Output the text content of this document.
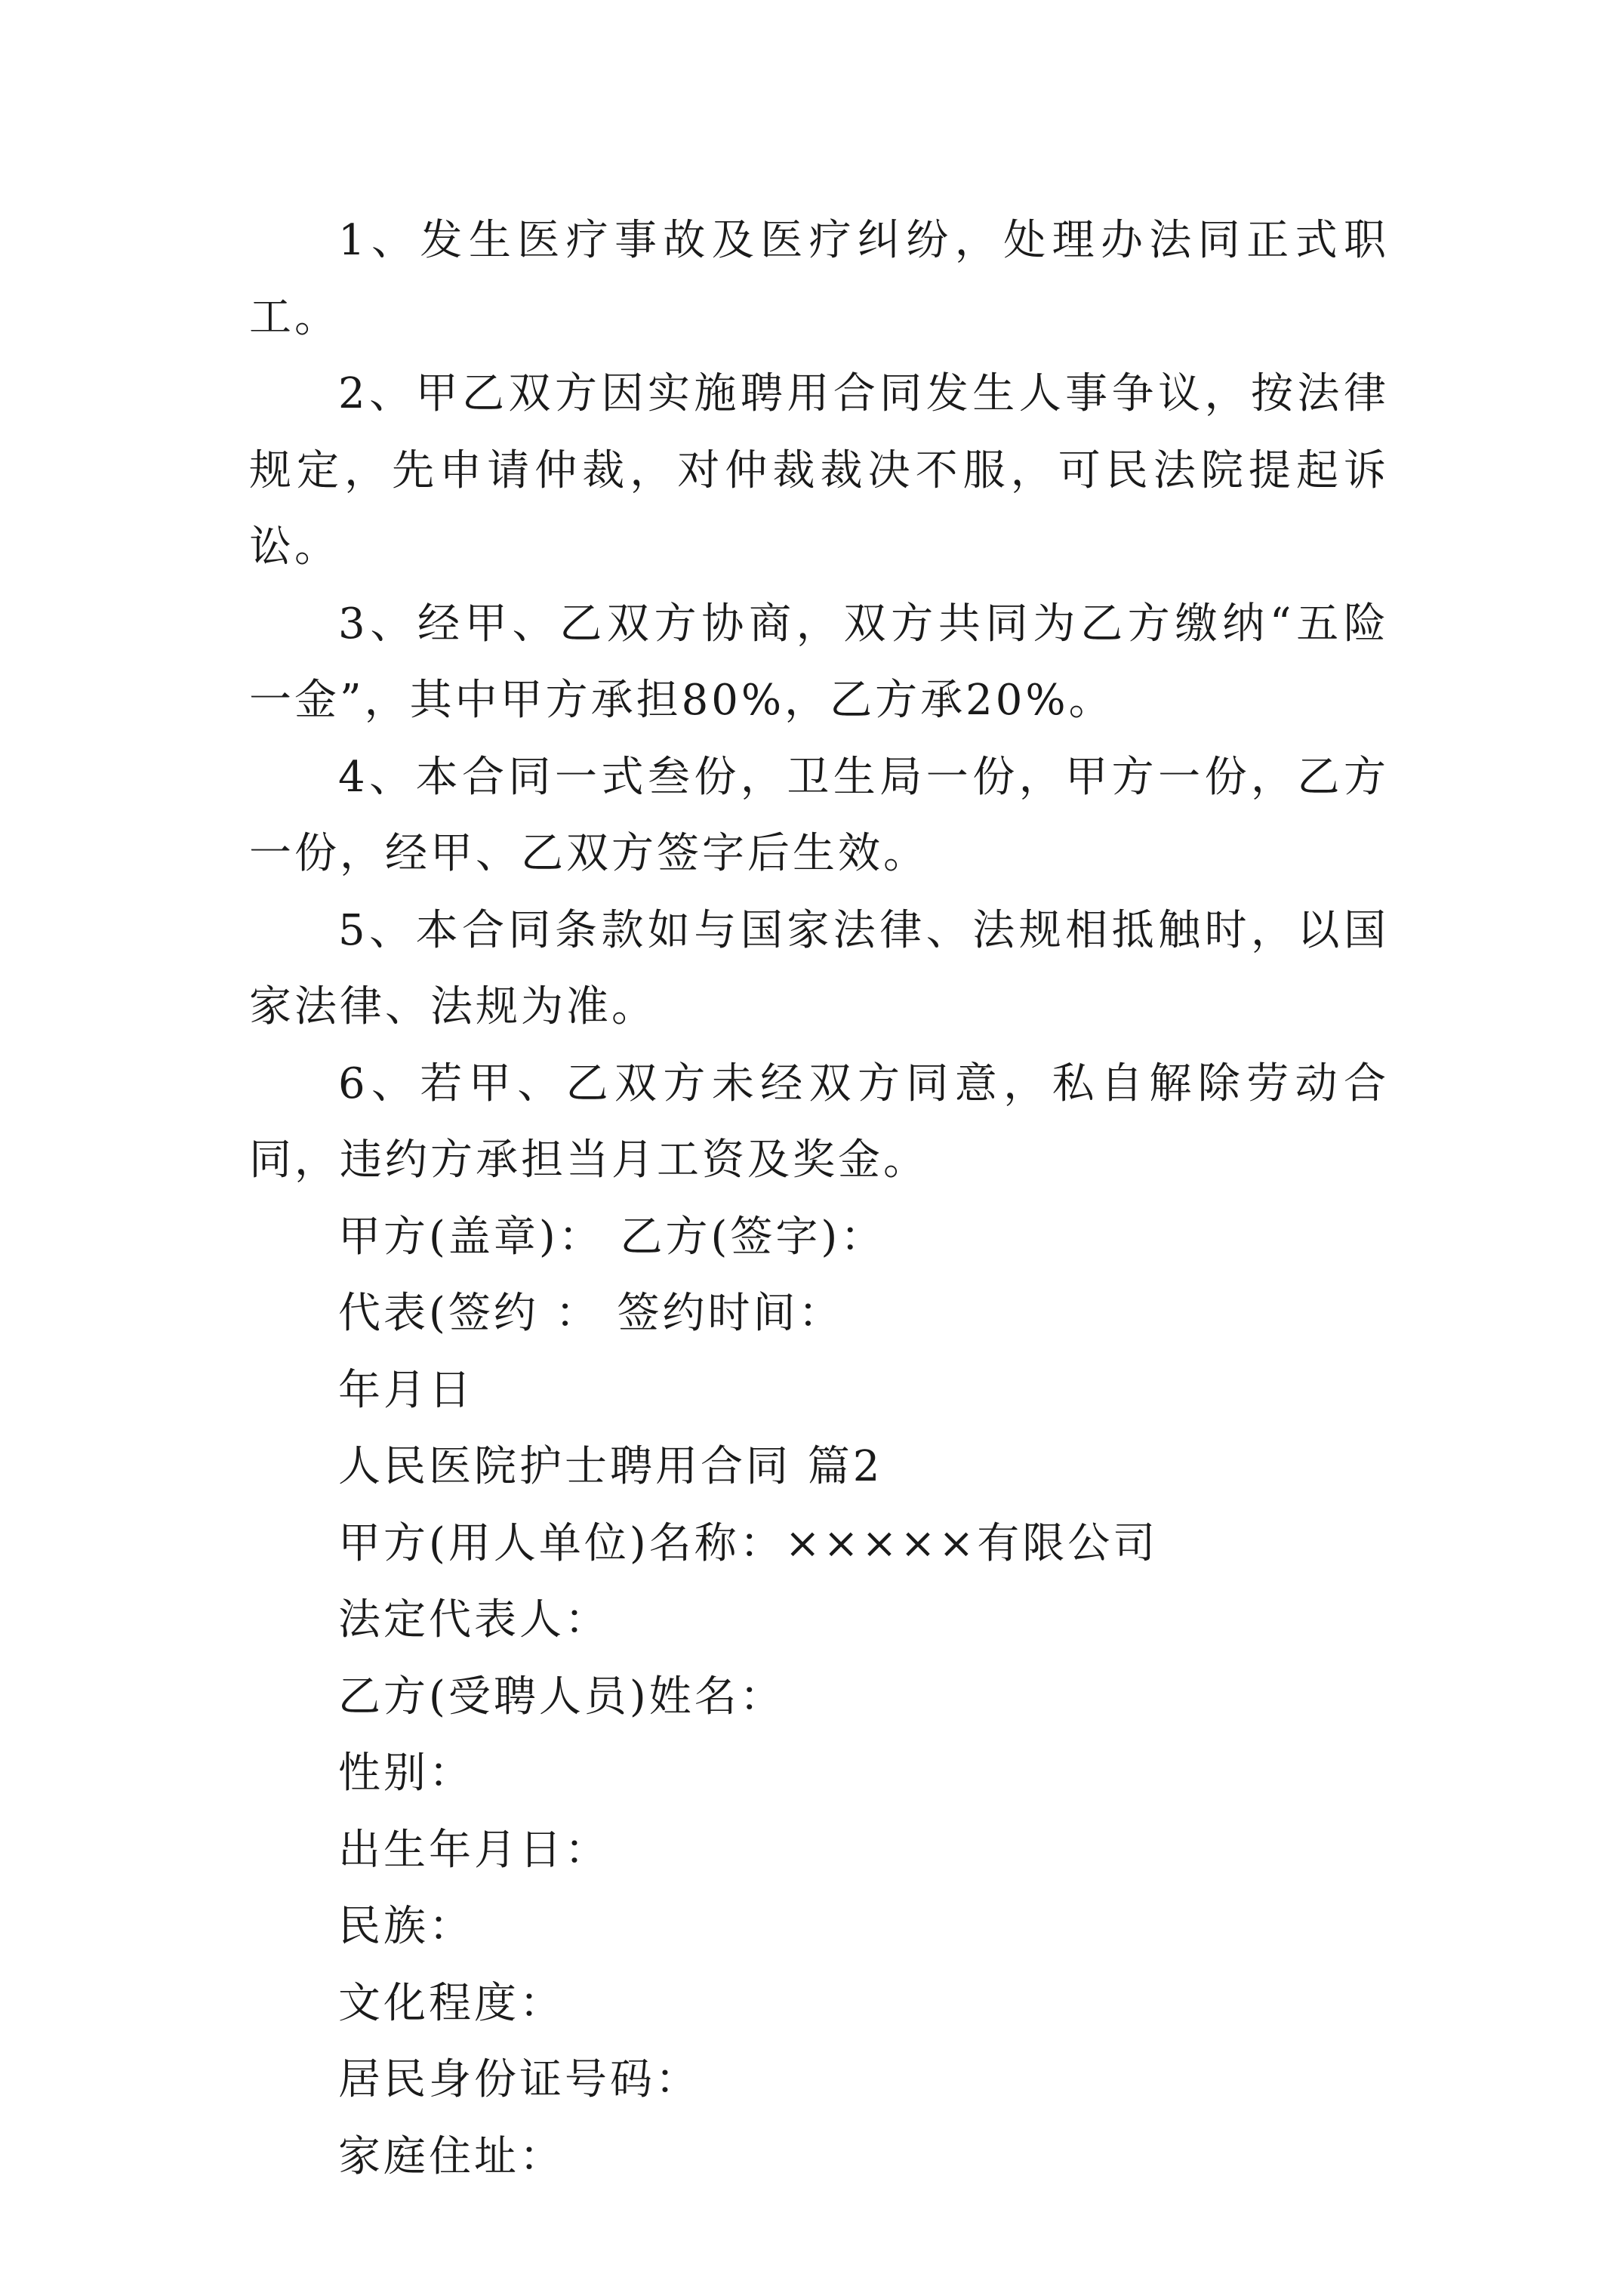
1、发生医疗事故及医疗纠纷，处理办法同正式职工。

2、甲乙双方因实施聘用合同发生人事争议，按法律规定，先申请仲裁，对仲裁裁决不服，可民法院提起诉讼。

3、经甲、乙双方协商，双方共同为乙方缴纳“五险一金”，其中甲方承担80%，乙方承20%。

4、本合同一式叁份，卫生局一份，甲方一份，乙方一份，经甲、乙双方签字后生效。

5、本合同条款如与国家法律、法规相抵触时，以国家法律、法规为准。

6、若甲、乙双方未经双方同意，私自解除劳动合同，违约方承担当月工资及奖金。

甲方(盖章)： 乙方(签字)：

代表(签约 ： 签约时间：

年月日

人民医院护士聘用合同 篇2

甲方(用人单位)名称：×××××有限公司

法定代表人：

乙方(受聘人员)姓名：

性别：

出生年月日：

民族：

文化程度：

居民身份证号码：

家庭住址：
